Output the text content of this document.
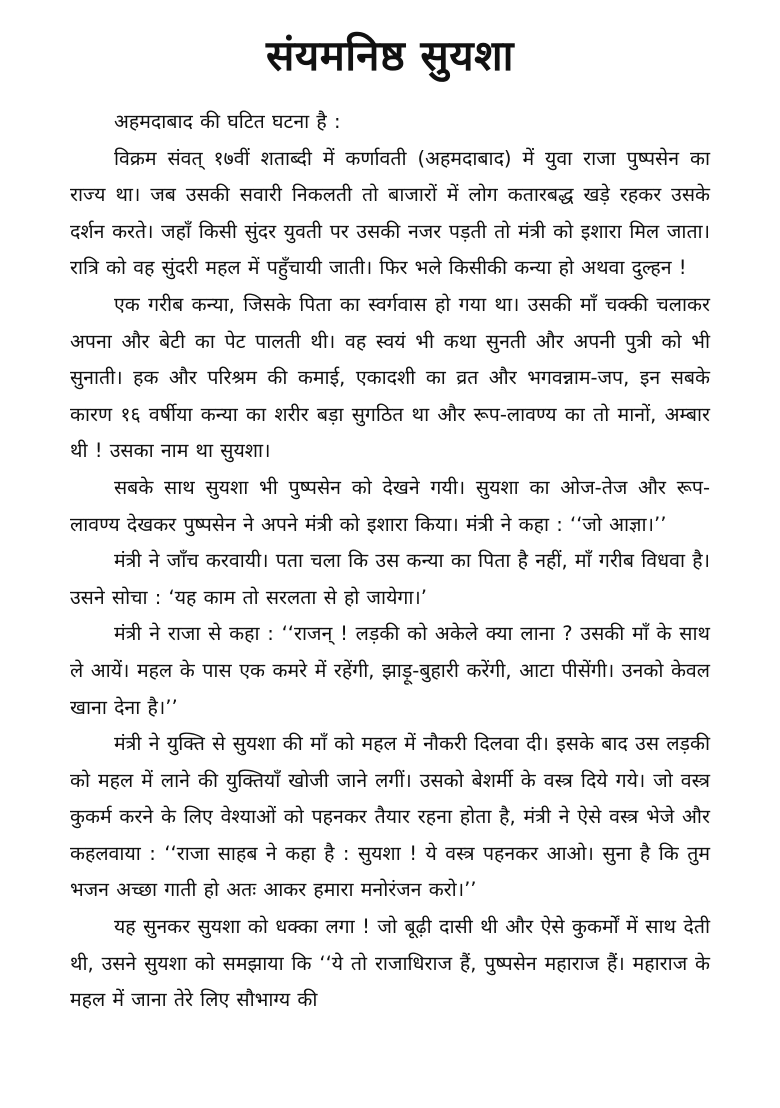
संयमनिष्ठ सुयशा

अहमदाबाद की घटित घटना है :

विक्रम संवत् १७वीं शताब्दी में कर्णावती (अहमदाबाद) में युवा राजा पुष्पसेन का राज्य था। जब उसकी सवारी निकलती तो बाजारों में लोग कतारबद्ध खड़े रहकर उसके दर्शन करते। जहाँ किसी सुंदर युवती पर उसकी नजर पड़ती तो मंत्री को इशारा मिल जाता। रात्रि को वह सुंदरी महल में पहुँचायी जाती। फिर भले किसीकी कन्या हो अथवा दुल्हन !

एक गरीब कन्या, जिसके पिता का स्वर्गवास हो गया था। उसकी माँ चक्की चलाकर अपना और बेटी का पेट पालती थी। वह स्वयं भी कथा सुनती और अपनी पुत्री को भी सुनाती। हक और परिश्रम की कमाई, एकादशी का व्रत और भगवन्नाम-जप, इन सबके कारण १६ वर्षीया कन्या का शरीर बड़ा सुगठित था और रूप-लावण्य का तो मानों, अम्बार थी ! उसका नाम था सुयशा।

सबके साथ सुयशा भी पुष्पसेन को देखने गयी। सुयशा का ओज-तेज और रूप-लावण्य देखकर पुष्पसेन ने अपने मंत्री को इशारा किया। मंत्री ने कहा : ‘‘जो आज्ञा।’’

मंत्री ने जाँच करवायी। पता चला कि उस कन्या का पिता है नहीं, माँ गरीब विधवा है। उसने सोचा : ‘यह काम तो सरलता से हो जायेगा।’

मंत्री ने राजा से कहा : ‘‘राजन् ! लड़की को अकेले क्या लाना ? उसकी माँ के साथ ले आयें। महल के पास एक कमरे में रहेंगी, झाड़ू-बुहारी करेंगी, आटा पीसेंगी। उनको केवल खाना देना है।’’

मंत्री ने युक्ति से सुयशा की माँ को महल में नौकरी दिलवा दी। इसके बाद उस लड़की को महल में लाने की युक्तियाँ खोजी जाने लगीं। उसको बेशर्मी के वस्त्र दिये गये। जो वस्त्र कुकर्म करने के लिए वेश्याओं को पहनकर तैयार रहना होता है, मंत्री ने ऐसे वस्त्र भेजे और कहलवाया : ‘‘राजा साहब ने कहा है : सुयशा ! ये वस्त्र पहनकर आओ। सुना है कि तुम भजन अच्छा गाती हो अतः आकर हमारा मनोरंजन करो।’’

यह सुनकर सुयशा को धक्का लगा ! जो बूढ़ी दासी थी और ऐसे कुकर्मों में साथ देती थी, उसने सुयशा को समझाया कि ‘‘ये तो राजाधिराज हैं, पुष्पसेन महाराज हैं। महाराज के महल में जाना तेरे लिए सौभाग्य की
